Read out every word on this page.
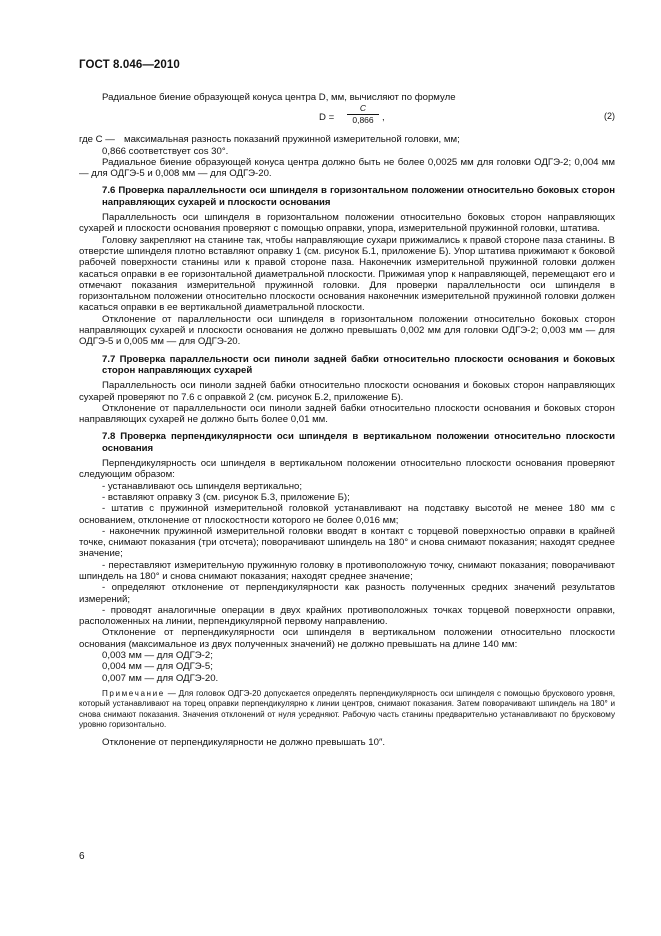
ГОСТ 8.046—2010

Радиальное биение образующей конуса центра D, мм, вычисляют по формуле

D =
C
0,866 ,	(2)

где C — максимальная разность показаний пружинной измерительной головки, мм;

0,866 соответствует cos 30°.

Радиальное биение образующей конуса центра должно быть не более 0,0025 мм для головки ОДГЭ-2; 0,004 мм — для ОДГЭ-5 и 0,008 мм — для ОДГЭ-20.

7.6 Проверка параллельности оси шпинделя в горизонтальном положении относительно боковых сторон направляющих сухарей и плоскости основания

Параллельность оси шпинделя в горизонтальном положении относительно боковых сторон направляющих сухарей и плоскости основания проверяют с помощью оправки, упора, измерительной пружинной головки, штатива.

Головку закрепляют на станине так, чтобы направляющие сухари прижимались к правой стороне паза станины. В отверстие шпинделя плотно вставляют оправку 1 (см. рисунок Б.1, приложение Б). Упор штатива прижимают к боковой рабочей поверхности станины или к правой стороне паза. Наконечник измерительной пружинной головки должен касаться оправки в ее горизонтальной диаметральной плоскости. Прижимая упор к направляющей, перемещают его и отмечают показания измерительной пружинной головки. Для проверки параллельности оси шпинделя в горизонтальном положении относительно плоскости основания наконечник измерительной пружинной головки должен касаться оправки в ее вертикальной диаметральной плоскости.

Отклонение от параллельности оси шпинделя в горизонтальном положении относительно боковых сторон направляющих сухарей и плоскости основания не должно превышать 0,002 мм для головки ОДГЭ-2; 0,003 мм — для ОДГЭ-5 и 0,005 мм — для ОДГЭ-20.

7.7 Проверка параллельности оси пиноли задней бабки относительно плоскости основания и боковых сторон направляющих сухарей

Параллельность оси пиноли задней бабки относительно плоскости основания и боковых сторон направляющих сухарей проверяют по 7.6 с оправкой 2 (см. рисунок Б.2, приложение Б).

Отклонение от параллельности оси пиноли задней бабки относительно плоскости основания и боковых сторон направляющих сухарей не должно быть более 0,01 мм.

7.8 Проверка перпендикулярности оси шпинделя в вертикальном положении относительно плоскости основания

Перпендикулярность оси шпинделя в вертикальном положении относительно плоскости основания проверяют следующим образом:

- устанавливают ось шпинделя вертикально;

- вставляют оправку 3 (см. рисунок Б.3, приложение Б);

- штатив с пружинной измерительной головкой устанавливают на подставку высотой не менее 180 мм с основанием, отклонение от плоскостности которого не более 0,016 мм;

- наконечник пружинной измерительной головки вводят в контакт с торцевой поверхностью оправки в крайней точке, снимают показания (три отсчета); поворачивают шпиндель на 180° и снова снимают показания; находят среднее значение;

- переставляют измерительную пружинную головку в противоположную точку, снимают показания; поворачивают шпиндель на 180° и снова снимают показания; находят среднее значение;

- определяют отклонение от перпендикулярности как разность полученных средних значений результатов измерений;

- проводят аналогичные операции в двух крайних противоположных точках торцевой поверхности оправки, расположенных на линии, перпендикулярной первому направлению.

Отклонение от перпендикулярности оси шпинделя в вертикальном положении относительно плоскости основания (максимальное из двух полученных значений) не должно превышать на длине 140 мм:

0,003 мм — для ОДГЭ-2;

0,004 мм — для ОДГЭ-5;

0,007 мм — для ОДГЭ-20.

Примечание — Для головок ОДГЭ-20 допускается определять перпендикулярность оси шпинделя с помощью брускового уровня, который устанавливают на торец оправки перпендикулярно к линии центров, снимают показания. Затем поворачивают шпиндель на 180° и снова снимают показания. Значения отклонений от нуля усредняют. Рабочую часть станины предварительно устанавливают по брусковому уровню горизонтально.

Отклонение от перпендикулярности не должно превышать 10″.

6
